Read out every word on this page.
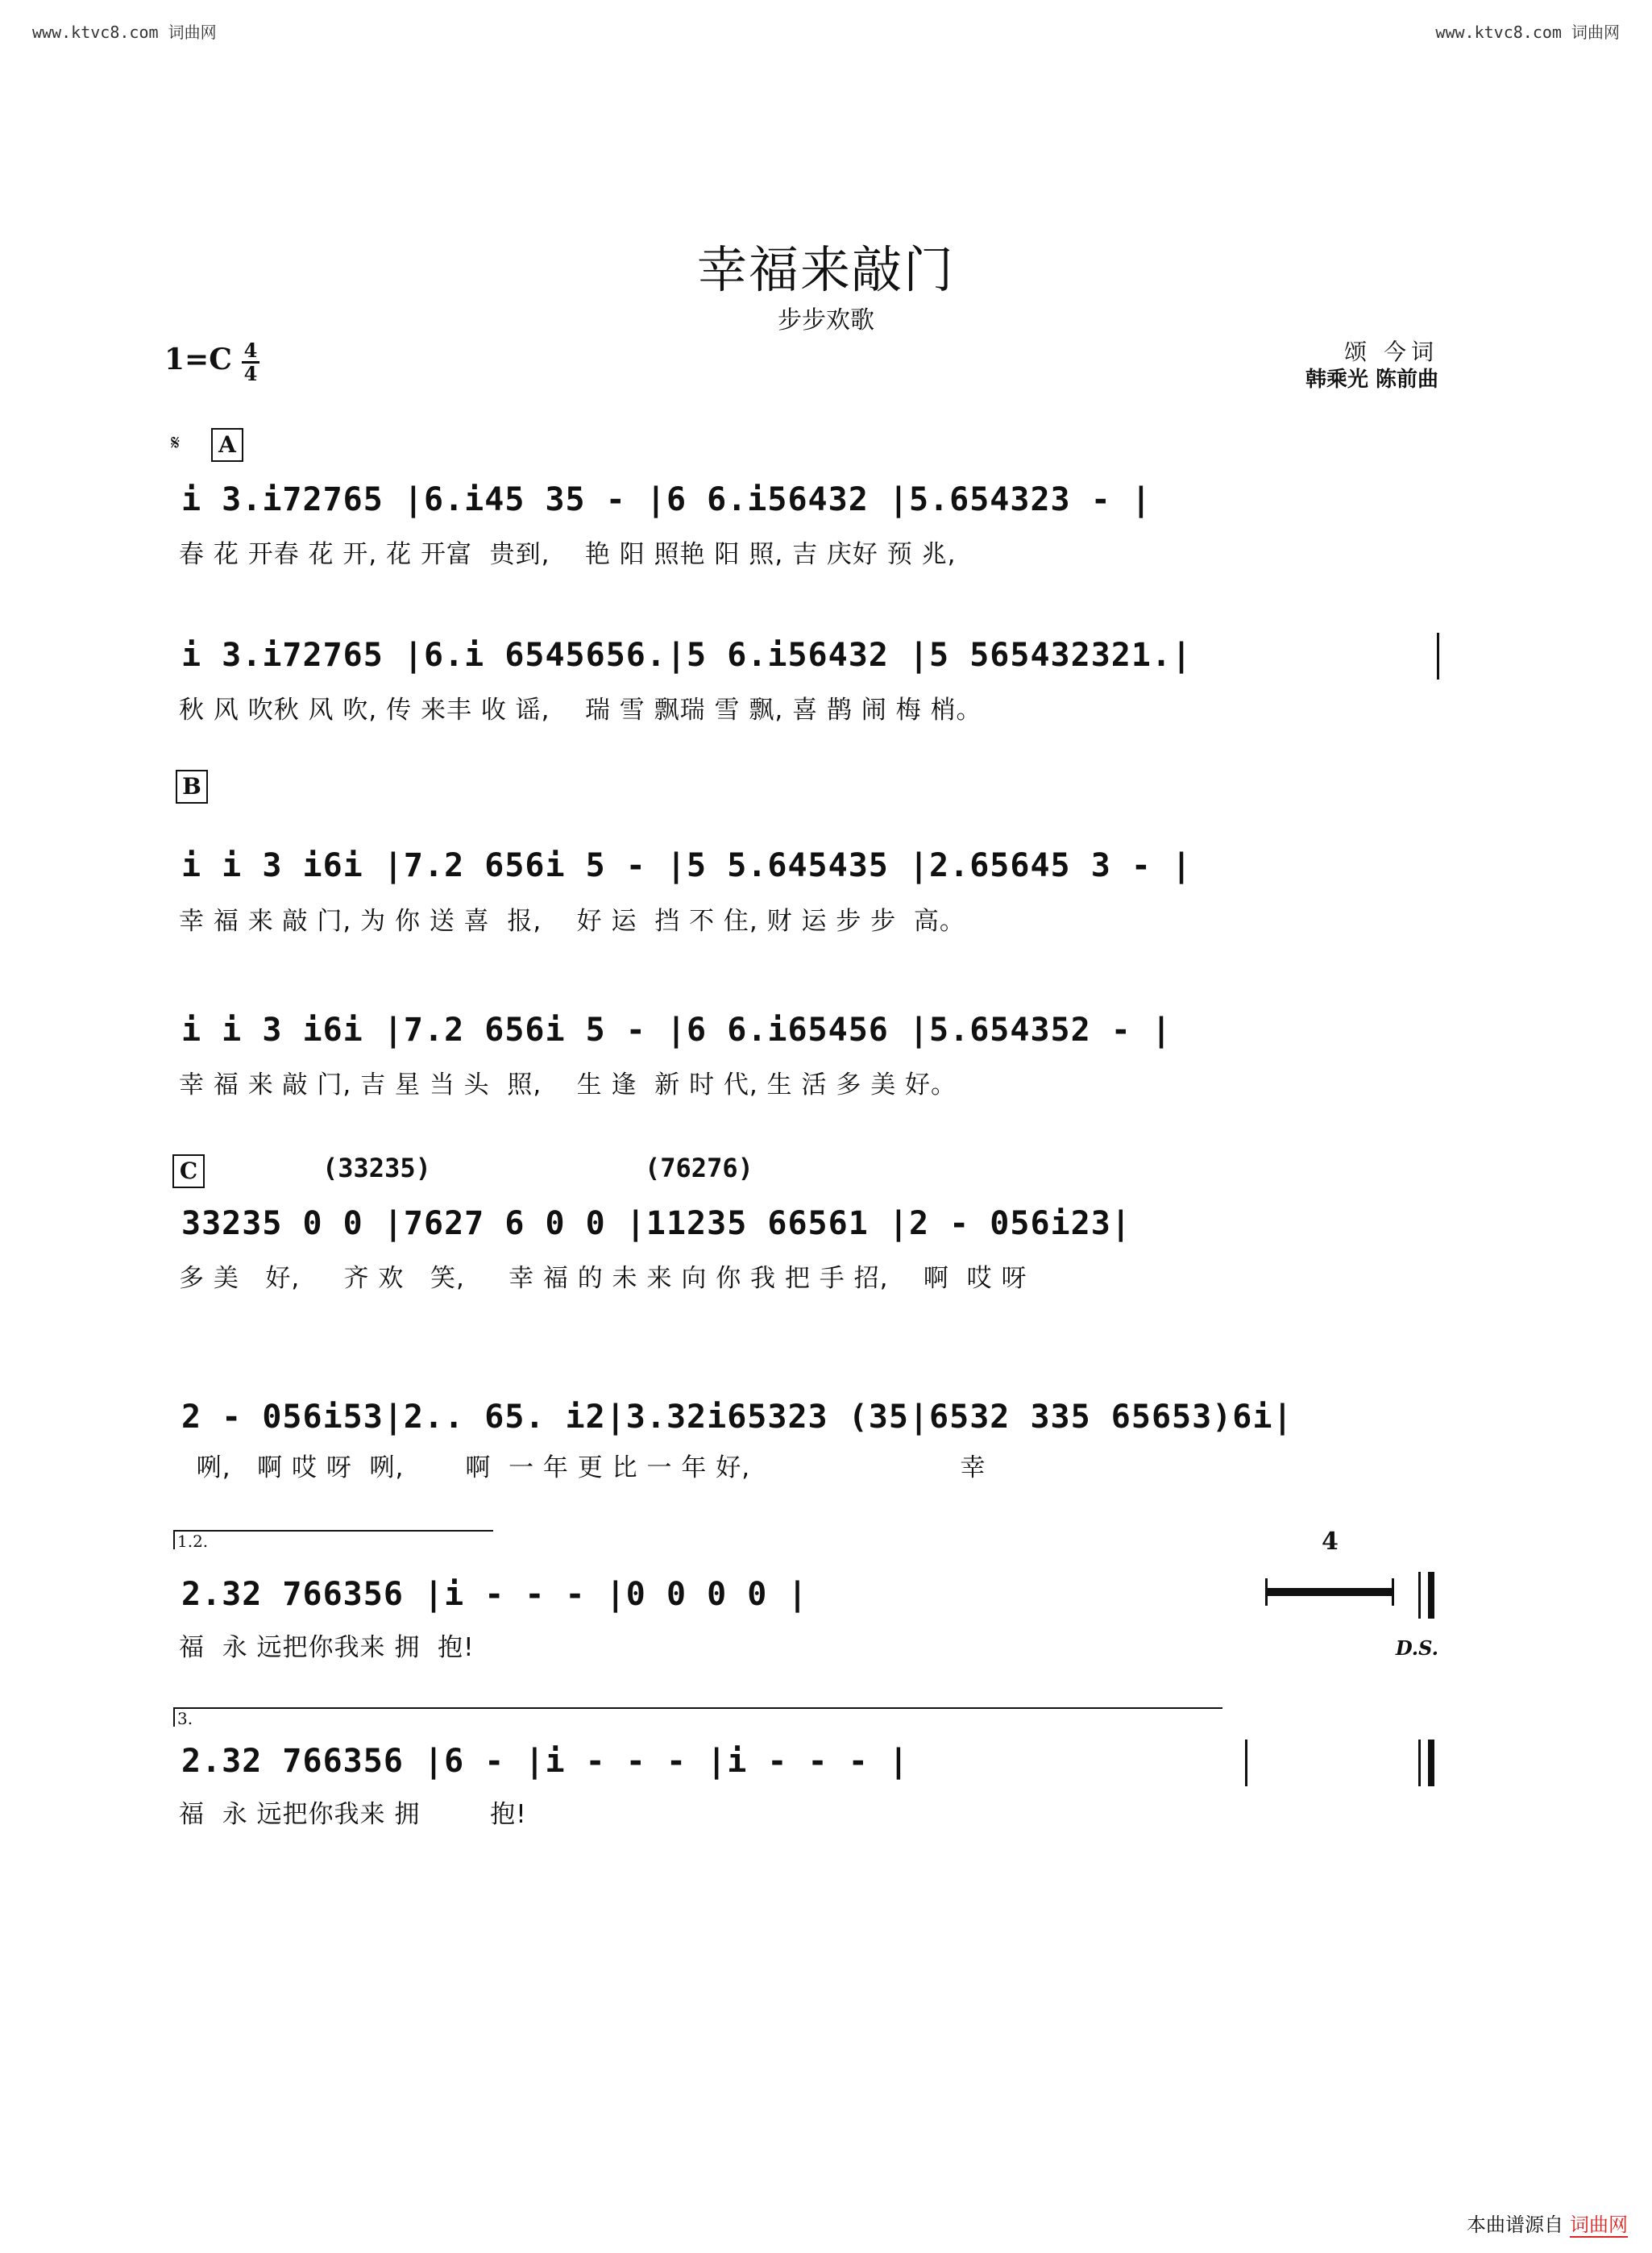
www.ktvc8.com 词曲网	www.ktvc8.com 词曲网
幸福来敲门
步步欢歌
1=C 4
4
颂 今词
韩乘光 陈前曲
𝄋	A
i 3.i72765 |6.i45 35 - |6 6.i56432 |5.654323 - |
春 花 开春 花 开, 花 开富  贵到,    艳 阳 照艳 阳 照, 吉 庆好 预 兆,
i 3.i72765 |6.i 6545656.|5 6.i56432 |5 565432321.|
秋 风 吹秋 风 吹, 传 来丰 收 谣,    瑞 雪 飘瑞 雪 飘, 喜 鹊 闹 梅 梢。
B
i i 3 i6i |7.2 656i 5 - |5 5.645435 |2.65645 3 - |
幸 福 来 敲 门, 为 你 送 喜  报,    好 运  挡 不 住, 财 运 步 步  高。
i i 3 i6i |7.2 656i 5 - |6 6.i65456 |5.654352 - |
幸 福 来 敲 门, 吉 星 当 头  照,    生 逢  新 时 代, 生 活 多 美 好。
C	(33235)	(76276)
33235 0 0 |7627 6 0 0 |11235 66561 |2 - 056i23|
多 美   好,     齐 欢   笑,     幸 福 的 未 来 向 你 我 把 手 招,    啊  哎 呀
2 - 056i53|2.. 65. i2|3.32i65323 (35|6532 335 65653)6i|
咧,   啊 哎 呀  咧,       啊  一 年 更 比 一 年 好,                        幸
1.2.
2.32 766356 |i - - - |0 0 0 0 |
福  永 远把你我来 拥  抱!
4
D.S.
3.
2.32 766356 |6 - |i - - - |i - - - |
福  永 远把你我来 拥        抱!
本曲谱源自 词曲网
